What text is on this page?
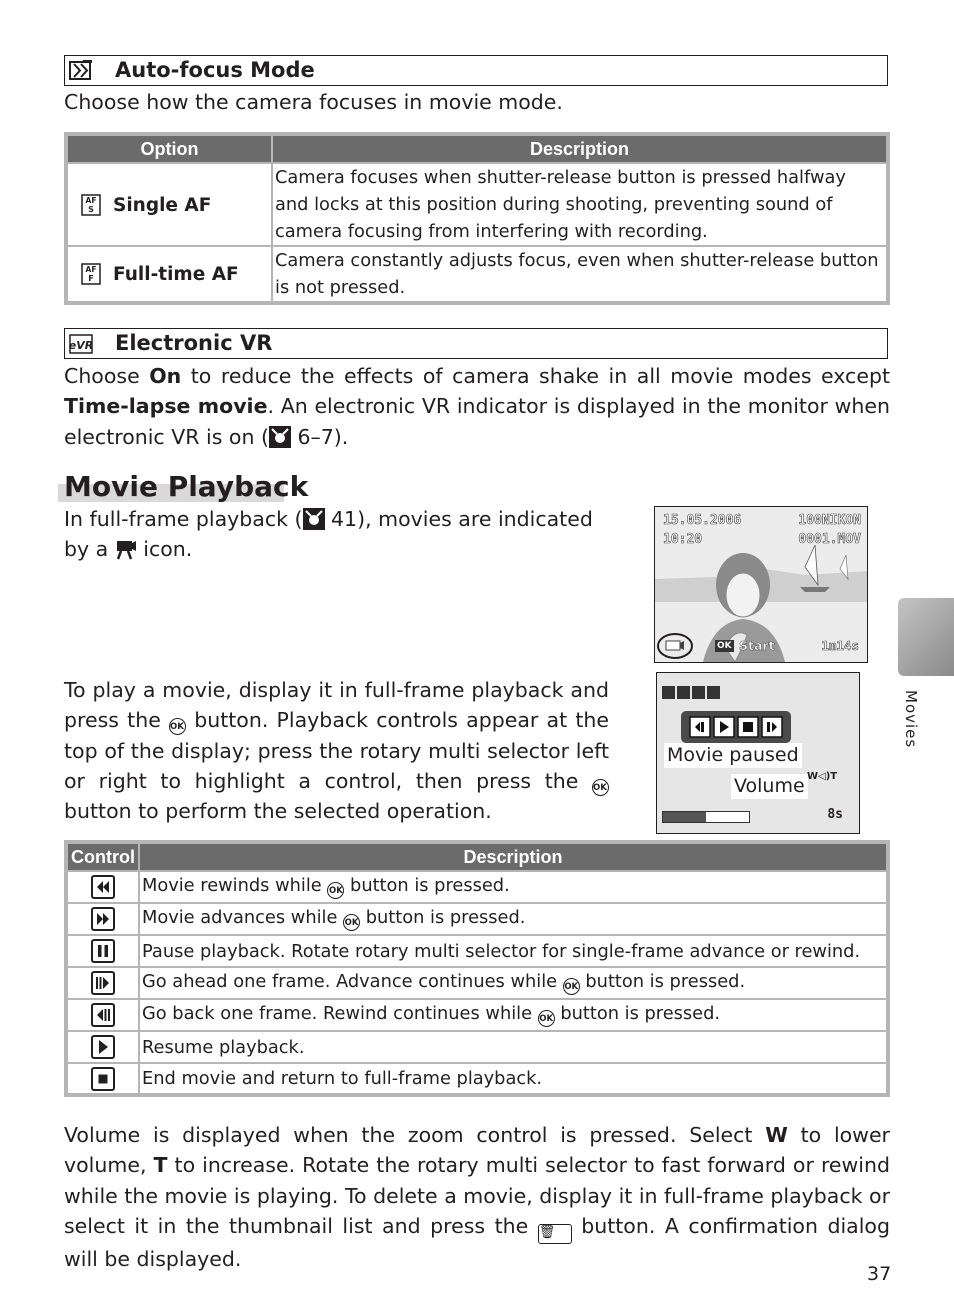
Auto-focus Mode
Choose how the camera focuses in movie mode.
Option	Description

AF
S Single AF	Camera focuses when shutter-release button is pressed halfway and locks at this position during shooting, preventing sound of camera focusing from interfering with recording.

AF
F Full-time AF	Camera constantly adjusts focus, even when shutter-release button is not pressed.
eVR Electronic VR
Choose On to reduce the effects of camera shake in all movie modes except Time-lapse movie. An electronic VR indicator is displayed in the monitor when electronic VR is on ( 6–7).
Movie Playback
In full-frame playback ( 41), movies are indicated by a  icon.
15.05.2006
10:20
100NIKON
0001.MOV
OK Start	1m14s
To play a movie, display it in full-frame playback and press the OK button. Playback controls appear at the top of the display; press the rotary multi selector left or right to highlight a control, then press the OK button to perform the selected operation.
Movie paused
Volume W◁)T
8s
Control	Description

	Movie rewinds while OK button is pressed.

	Movie advances while OK button is pressed.

	Pause playback. Rotate rotary multi selector for single-frame advance or rewind.

	Go ahead one frame. Advance continues while OK button is pressed.

	Go back one frame. Rewind continues while OK button is pressed.

	Resume playback.

	End movie and return to full-frame playback.
Volume is displayed when the zoom control is pressed. Select W to lower volume, T to increase. Rotate the rotary multi selector to fast forward or rewind while the movie is playing. To delete a movie, display it in full-frame playback or select it in the thumbnail list and press the 🗑 button. A confirmation dialog will be displayed.
Movies
37
